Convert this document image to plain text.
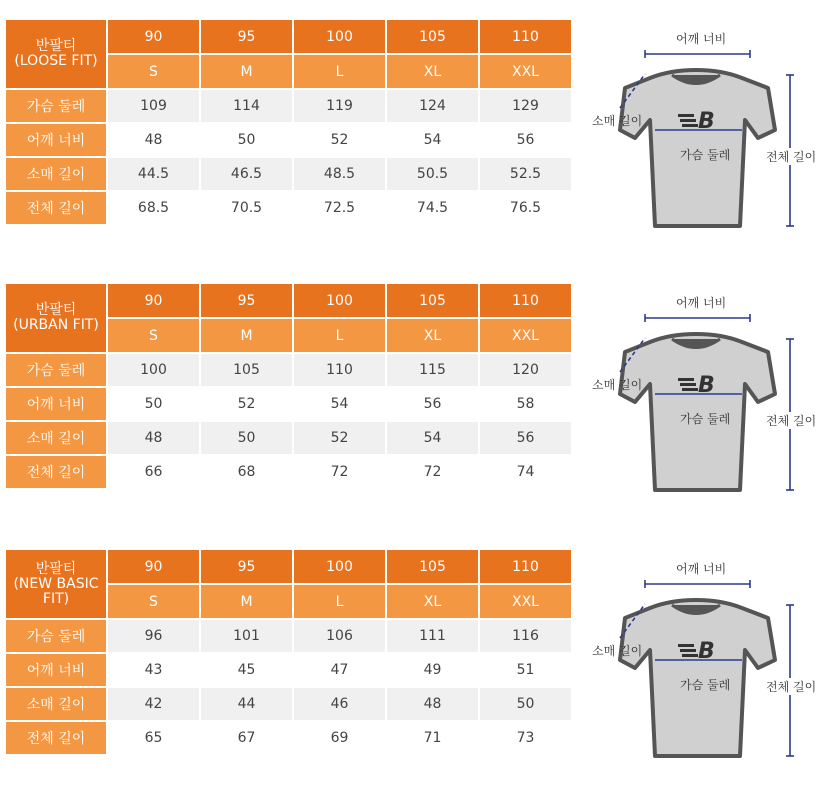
반팔티
(LOOSE FIT)	90	95	100	105	110
	S	M	L	XL	XXL
가슴 둘레	109	114	119	124	129
어깨 너비	48	50	52	54	56
소매 길이	44.5	46.5	48.5	50.5	52.5
전체 길이	68.5	70.5	72.5	74.5	76.5
B
어깨 너비
소매 길이
가슴 둘레	전체 길이
반팔티
(URBAN FIT)	90	95	100	105	110
	S	M	L	XL	XXL
가슴 둘레	100	105	110	115	120
어깨 너비	50	52	54	56	58
소매 길이	48	50	52	54	56
전체 길이	66	68	72	72	74
B
어깨 너비
소매 길이
가슴 둘레	전체 길이
반팔티
(NEW BASIC FIT)	90	95	100	105	110
	S	M	L	XL	XXL
가슴 둘레	96	101	106	111	116
어깨 너비	43	45	47	49	51
소매 길이	42	44	46	48	50
전체 길이	65	67	69	71	73
B
어깨 너비
소매 길이
가슴 둘레	전체 길이
